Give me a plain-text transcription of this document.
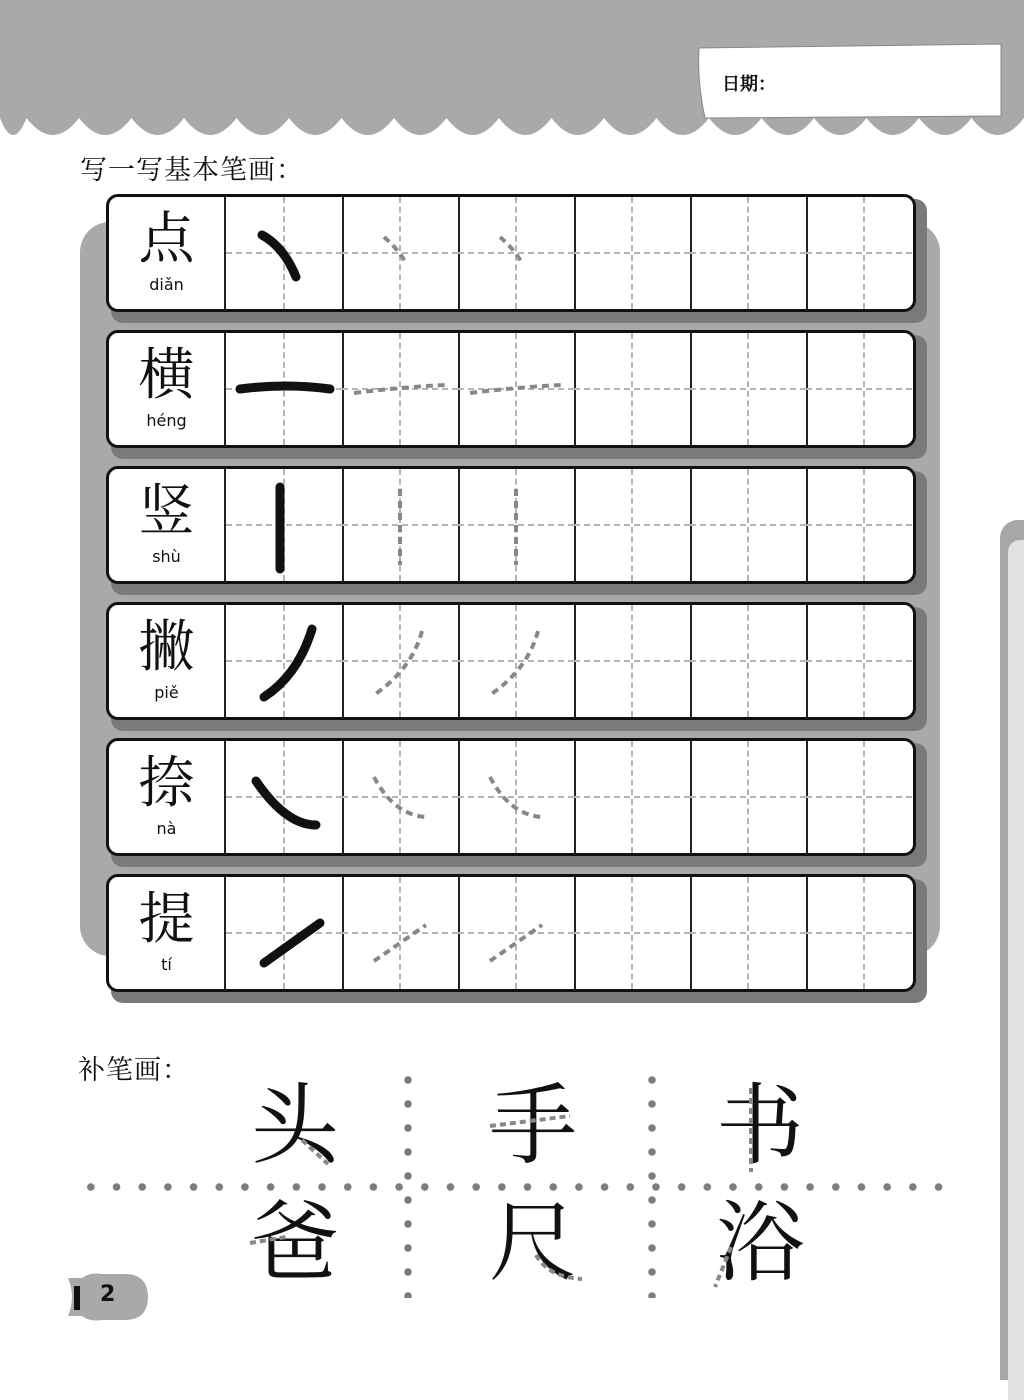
日期：
写一写基本笔画：
点
diǎn
横
héng
竖
shù
撇
piě
捺
nà
提
tí
补笔画：
头 手 书
爸 尺 浴
2
